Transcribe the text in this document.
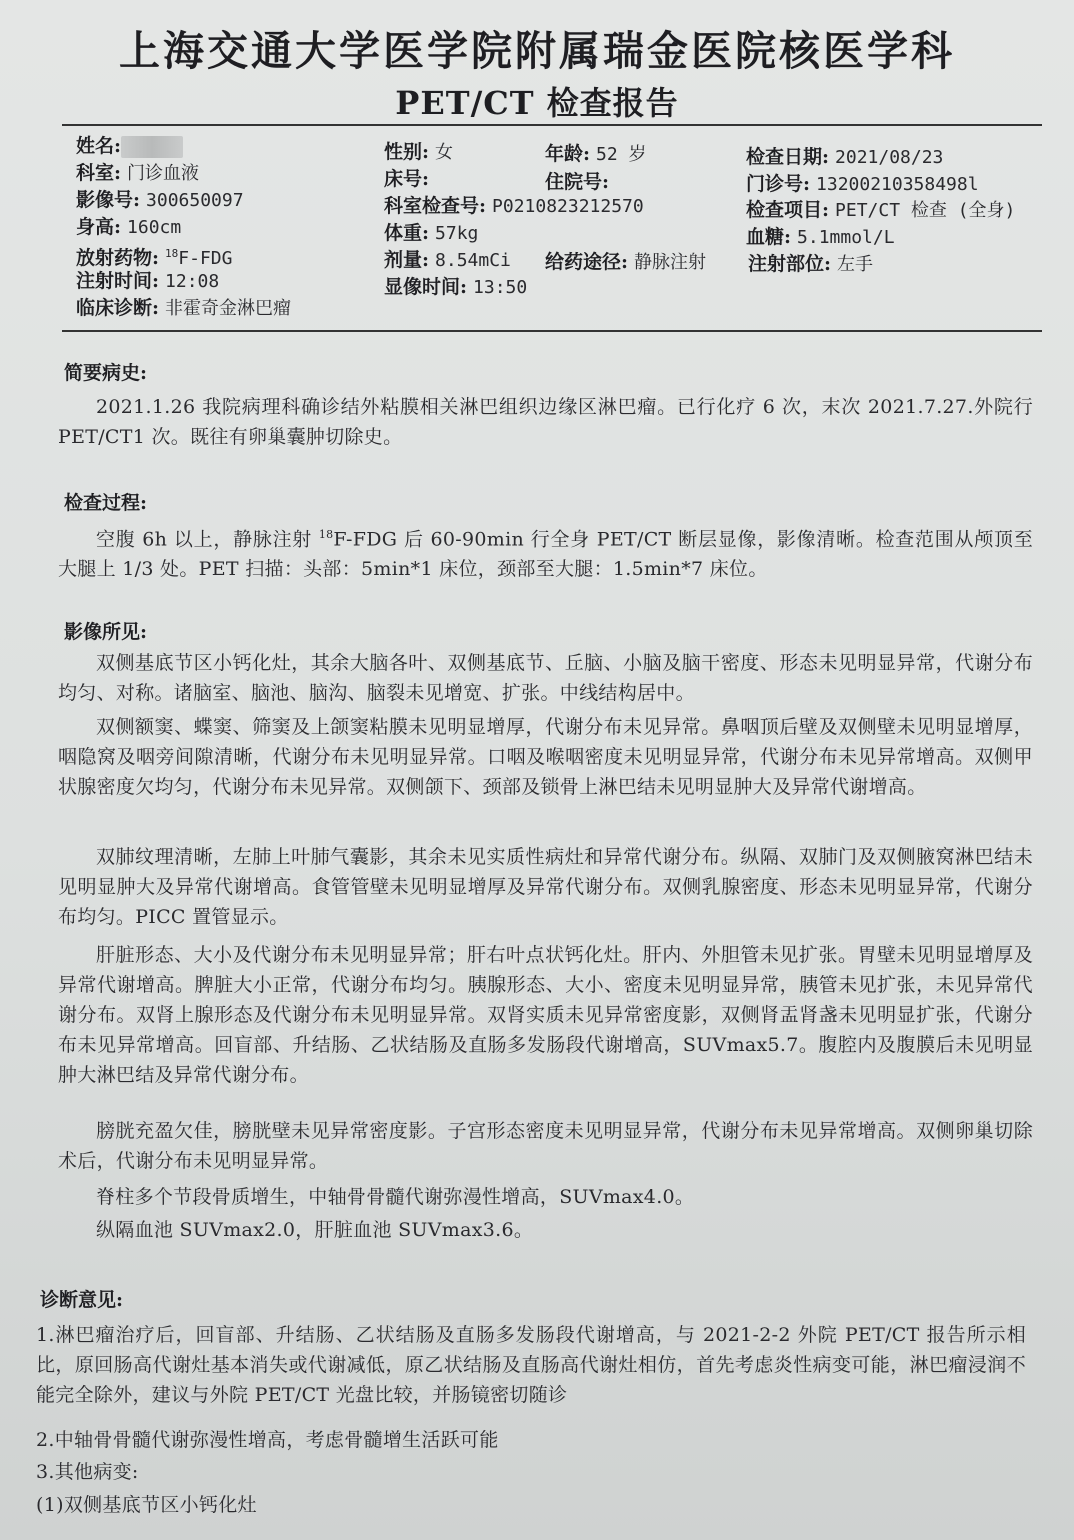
上海交通大学医学院附属瑞金医院核医学科
PET/CT 检查报告
姓名:	性别: 女	年龄: 52 岁	检查日期: 2021/08/23
科室: 门诊血液	床号:	住院号:	门诊号: 13200210358498l
影像号: 300650097	科室检查号: P0210823212570	检查项目: PET/CT 检查 (全身)
身高: 160cm	体重: 57kg	血糖: 5.1mmol/L
放射药物: $^{18}$F-FDG	剂量: 8.54mCi 给药途径: 静脉注射 注射部位: 左手
注射时间: 12:08	显像时间: 13:50
临床诊断: 非霍奇金淋巴瘤
简要病史:
2021.1.26 我院病理科确诊结外粘膜相关淋巴组织边缘区淋巴瘤。已行化疗 6 次，末次 2021.7.27.外院行 PET/CT1 次。既往有卵巢囊肿切除史。
检查过程:
空腹 6h 以上，静脉注射 $^{18}$F-FDG 后 60-90min 行全身 PET/CT 断层显像，影像清晰。检查范围从颅顶至大腿上 1/3 处。PET 扫描：头部：5min*1 床位，颈部至大腿：1.5min*7 床位。
影像所见:
双侧基底节区小钙化灶，其余大脑各叶、双侧基底节、丘脑、小脑及脑干密度、形态未见明显异常，代谢分布均匀、对称。诸脑室、脑池、脑沟、脑裂未见增宽、扩张。中线结构居中。
双侧额窦、蝶窦、筛窦及上颌窦粘膜未见明显增厚，代谢分布未见异常。鼻咽顶后壁及双侧壁未见明显增厚，咽隐窝及咽旁间隙清晰，代谢分布未见明显异常。口咽及喉咽密度未见明显异常，代谢分布未见异常增高。双侧甲状腺密度欠均匀，代谢分布未见异常。双侧颌下、颈部及锁骨上淋巴结未见明显肿大及异常代谢增高。
双肺纹理清晰，左肺上叶肺气囊影，其余未见实质性病灶和异常代谢分布。纵隔、双肺门及双侧腋窝淋巴结未见明显肿大及异常代谢增高。食管管壁未见明显增厚及异常代谢分布。双侧乳腺密度、形态未见明显异常，代谢分布均匀。PICC 置管显示。
肝脏形态、大小及代谢分布未见明显异常；肝右叶点状钙化灶。肝内、外胆管未见扩张。胃壁未见明显增厚及异常代谢增高。脾脏大小正常，代谢分布均匀。胰腺形态、大小、密度未见明显异常，胰管未见扩张，未见异常代谢分布。双肾上腺形态及代谢分布未见明显异常。双肾实质未见异常密度影，双侧肾盂肾盏未见明显扩张，代谢分布未见异常增高。回盲部、升结肠、乙状结肠及直肠多发肠段代谢增高，SUVmax5.7。腹腔内及腹膜后未见明显肿大淋巴结及异常代谢分布。
膀胱充盈欠佳，膀胱壁未见异常密度影。子宫形态密度未见明显异常，代谢分布未见异常增高。双侧卵巢切除术后，代谢分布未见明显异常。
脊柱多个节段骨质增生，中轴骨骨髓代谢弥漫性增高，SUVmax4.0。
纵隔血池 SUVmax2.0，肝脏血池 SUVmax3.6。
诊断意见:
1.淋巴瘤治疗后，回盲部、升结肠、乙状结肠及直肠多发肠段代谢增高，与 2021-2-2 外院 PET/CT 报告所示相比，原回肠高代谢灶基本消失或代谢减低，原乙状结肠及直肠高代谢灶相仿，首先考虑炎性病变可能，淋巴瘤浸润不能完全除外，建议与外院 PET/CT 光盘比较，并肠镜密切随诊
2.中轴骨骨髓代谢弥漫性增高，考虑骨髓增生活跃可能
3.其他病变:
(1)双侧基底节区小钙化灶
